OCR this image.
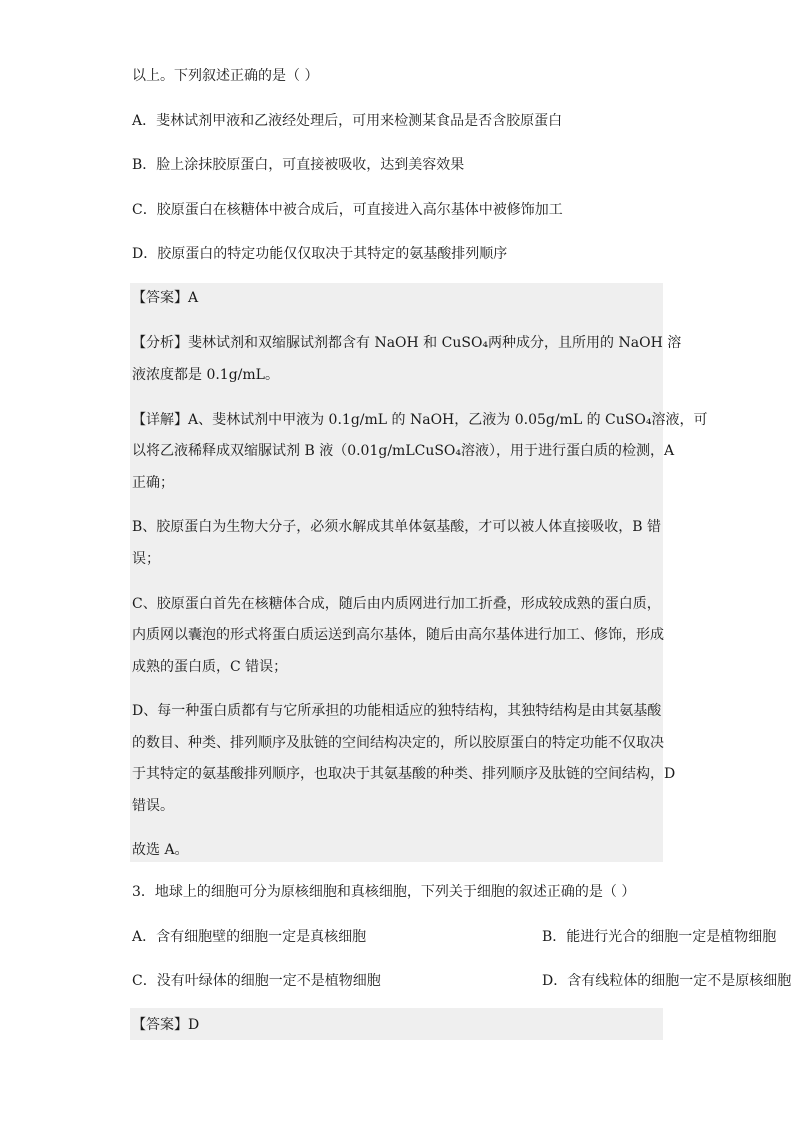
以上。下列叙述正确的是（ ）
A．斐林试剂甲液和乙液经处理后，可用来检测某食品是否含胶原蛋白
B．脸上涂抹胶原蛋白，可直接被吸收，达到美容效果
C．胶原蛋白在核糖体中被合成后，可直接进入高尔基体中被修饰加工
D．胶原蛋白的特定功能仅仅取决于其特定的氨基酸排列顺序
【答案】A
【分析】斐林试剂和双缩脲试剂都含有 NaOH 和 CuSO₄两种成分，且所用的 NaOH 溶
液浓度都是 0.1g/mL。
【详解】A、斐林试剂中甲液为 0.1g/mL 的 NaOH，乙液为 0.05g/mL 的 CuSO₄溶液，可
以将乙液稀释成双缩脲试剂 B 液（0.01g/mLCuSO₄溶液），用于进行蛋白质的检测，A
正确；
B、胶原蛋白为生物大分子，必须水解成其单体氨基酸，才可以被人体直接吸收，B 错
误；
C、胶原蛋白首先在核糖体合成，随后由内质网进行加工折叠，形成较成熟的蛋白质，
内质网以囊泡的形式将蛋白质运送到高尔基体，随后由高尔基体进行加工、修饰，形成
成熟的蛋白质，C 错误；
D、每一种蛋白质都有与它所承担的功能相适应的独特结构，其独特结构是由其氨基酸
的数目、种类、排列顺序及肽链的空间结构决定的，所以胶原蛋白的特定功能不仅取决
于其特定的氨基酸排列顺序，也取决于其氨基酸的种类、排列顺序及肽链的空间结构，D
错误。
故选 A。
3．地球上的细胞可分为原核细胞和真核细胞，下列关于细胞的叙述正确的是（ ）
A．含有细胞壁的细胞一定是真核细胞	B．能进行光合的细胞一定是植物细胞
C．没有叶绿体的细胞一定不是植物细胞	D．含有线粒体的细胞一定不是原核细胞
【答案】D
